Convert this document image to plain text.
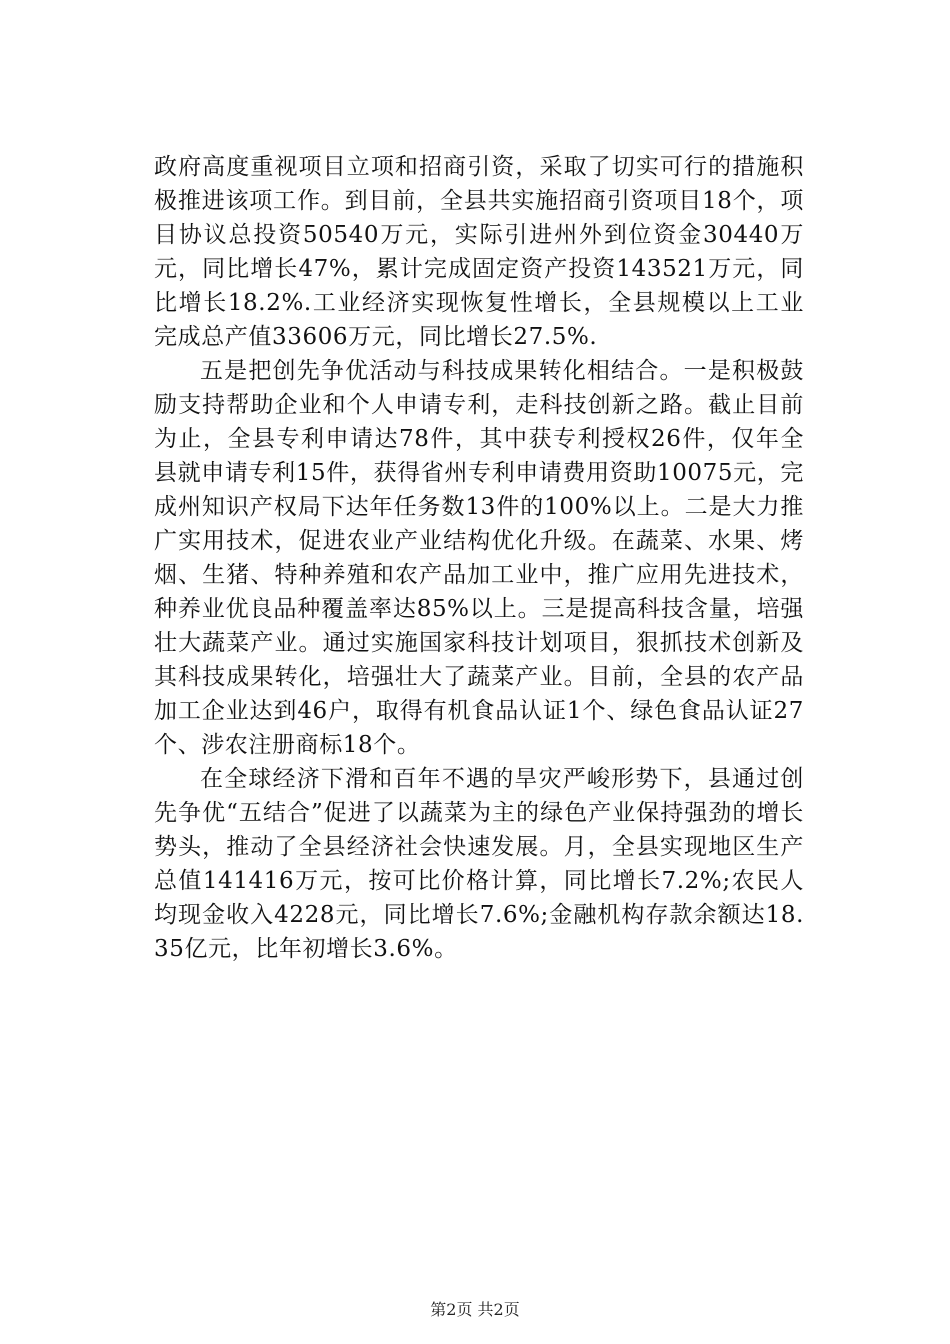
政府高度重视项目立项和招商引资，采取了切实可行的措施积极推进该项工作。到目前，全县共实施招商引资项目18个，项目协议总投资50540万元，实际引进州外到位资金30440万元，同比增长47%，累计完成固定资产投资143521万元，同比增长18.2%.工业经济实现恢复性增长，全县规模以上工业完成总产值33606万元，同比增长27.5%.

五是把创先争优活动与科技成果转化相结合。一是积极鼓励支持帮助企业和个人申请专利，走科技创新之路。截止目前为止，全县专利申请达78件，其中获专利授权26件，仅年全县就申请专利15件，获得省州专利申请费用资助10075元，完成州知识产权局下达年任务数13件的100%以上。二是大力推广实用技术，促进农业产业结构优化升级。在蔬菜、水果、烤烟、生猪、特种养殖和农产品加工业中，推广应用先进技术，种养业优良品种覆盖率达85%以上。三是提高科技含量，培强壮大蔬菜产业。通过实施国家科技计划项目，狠抓技术创新及其科技成果转化，培强壮大了蔬菜产业。目前，全县的农产品加工企业达到46户，取得有机食品认证1个、绿色食品认证27个、涉农注册商标18个。

在全球经济下滑和百年不遇的旱灾严峻形势下，县通过创先争优“五结合”促进了以蔬菜为主的绿色产业保持强劲的增长势头，推动了全县经济社会快速发展。月，全县实现地区生产总值141416万元，按可比价格计算，同比增长7.2%;农民人均现金收入4228元，同比增长7.6%;金融机构存款余额达18.35亿元，比年初增长3.6%。

第2页 共2页
